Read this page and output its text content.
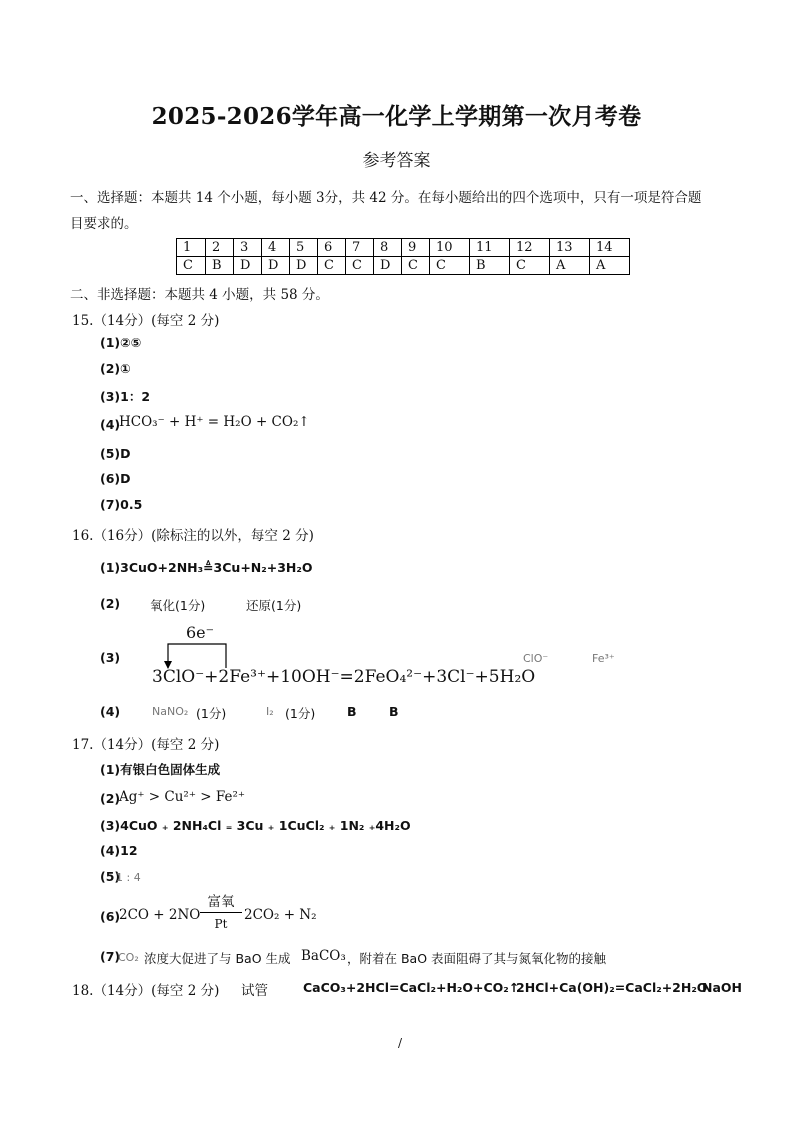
2025-2026学年高一化学上学期第一次月考卷
参考答案
一、选择题：本题共 14 个小题，每小题 3分，共 42 分。在每小题给出的四个选项中，只有一项是符合题
目要求的。
1	2	3	4	5	6	7	8	9	10	11	12	13	14
C	B	D	D	D	C	C	D	C	C	B	C	A	A
二、非选择题：本题共 4 小题，共 58 分。
15.（14分）(每空 2 分)
(1)②⑤
(2)①
(3)1：2
(4)
HCO₃⁻ + H⁺ = H₂O + CO₂↑
(5)D
(6)D
(7)0.5
16.（16分）(除标注的以外，每空 2 分)
(1)3CuO+2NH₃≜3Cu+N₂+3H₂O
(2) 氧化(1分)	还原(1分)
(3)
6e⁻
3ClO⁻+2Fe³⁺+10OH⁻=2FeO₄²⁻+3Cl⁻+5H₂O
ClO⁻	Fe³⁺
(4)	NaNO₂ (1分)	I₂ (1分)	B	B
17.（14分）(每空 2 分)
(1)有银白色固体生成
(2)
Ag⁺ > Cu²⁺ > Fe²⁺
(3)4CuO ₊ 2NH₄Cl ₌ 3Cu ₊ 1CuCl₂ ₊ 1N₂ ₊4H₂O
(4)12
(5)
1 : 4
(6)
2CO + 2NO
富氧
Pt
2CO₂ + N₂
(7)
CO₂ 浓度大促进了与 BaO 生成 BaCO₃ ，附着在 BaO 表面阻碍了其与氮氧化物的接触
18.（14分）(每空 2 分) 试管	CaCO₃+2HCl=CaCl₂+H₂O+CO₂↑
2HCl+Ca(OH)₂=CaCl₂+2H₂O
NaOH
/
